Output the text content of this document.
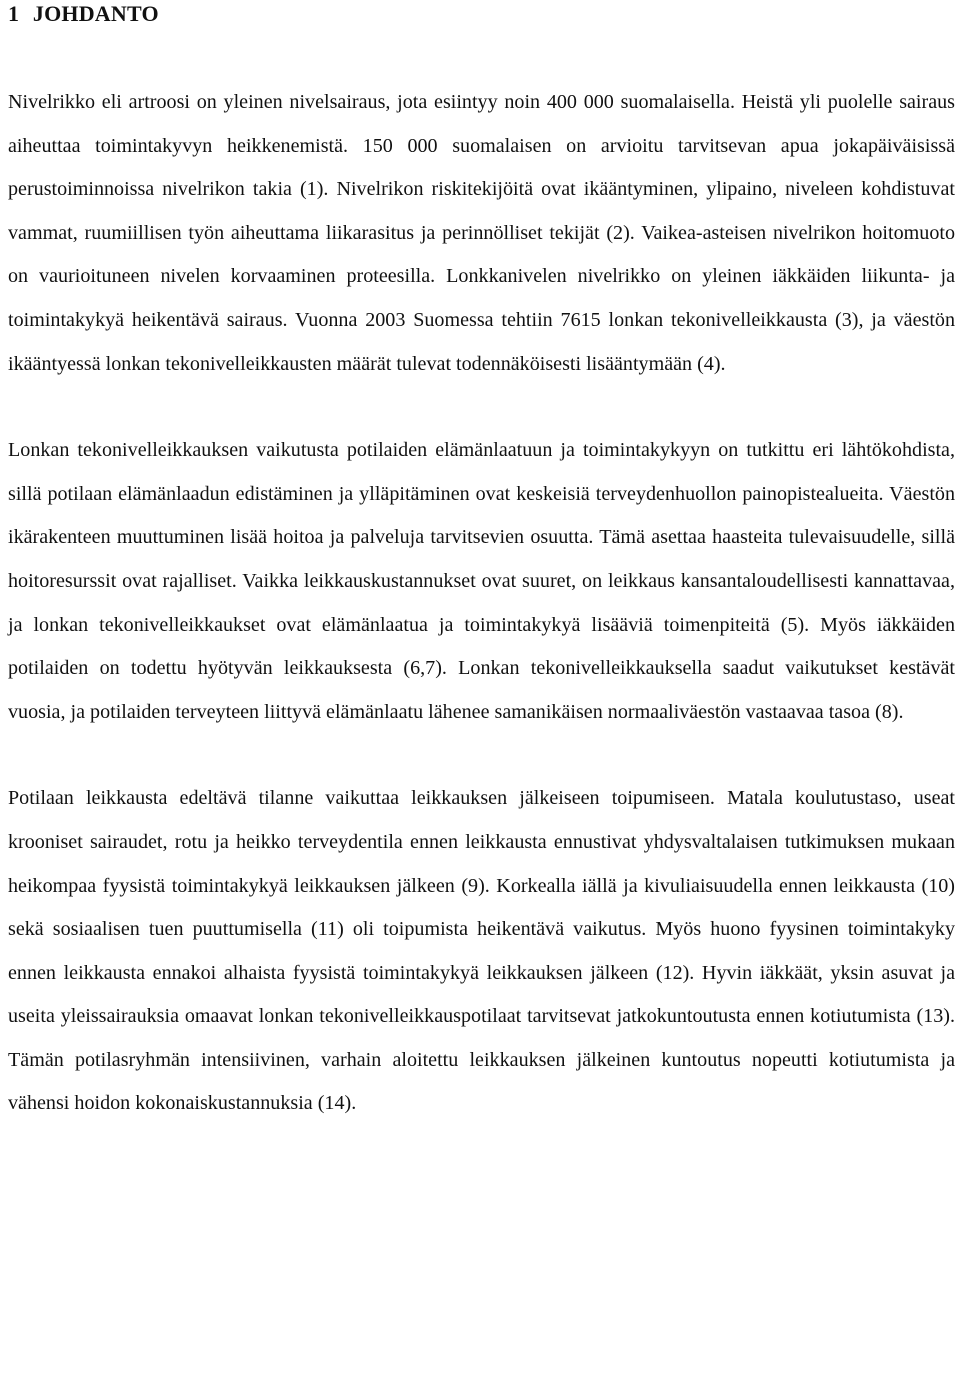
1 JOHDANTO

Nivelrikko eli artroosi on yleinen nivelsairaus, jota esiintyy noin 400 000 suomalaisella. Heistä yli puolelle sairaus aiheuttaa toimintakyvyn heikkenemistä. 150 000 suomalaisen on arvioitu tarvitsevan apua jokapäiväisissä perustoiminnoissa nivelrikon takia (1). Nivelrikon riskitekijöitä ovat ikääntyminen, ylipaino, niveleen kohdistuvat vammat, ruumiillisen työn aiheuttama liikarasitus ja perinnölliset tekijät (2). Vaikea-asteisen nivelrikon hoitomuoto on vaurioituneen nivelen korvaaminen proteesilla. Lonkkanivelen nivelrikko on yleinen iäkkäiden liikunta- ja toimintakykyä heikentävä sairaus. Vuonna 2003 Suomessa tehtiin 7615 lonkan tekonivelleikkausta (3), ja väestön ikääntyessä lonkan tekonivelleikkausten määrät tulevat todennäköisesti lisääntymään (4).

Lonkan tekonivelleikkauksen vaikutusta potilaiden elämänlaatuun ja toimintakykyyn on tutkittu eri lähtökohdista, sillä potilaan elämänlaadun edistäminen ja ylläpitäminen ovat keskeisiä terveydenhuollon painopistealueita. Väestön ikärakenteen muuttuminen lisää hoitoa ja palveluja tarvitsevien osuutta. Tämä asettaa haasteita tulevaisuudelle, sillä hoitoresurssit ovat rajalliset. Vaikka leikkauskustannukset ovat suuret, on leikkaus kansantaloudellisesti kannattavaa, ja lonkan tekonivelleikkaukset ovat elämänlaatua ja toimintakykyä lisääviä toimenpiteitä (5). Myös iäkkäiden potilaiden on todettu hyötyvän leikkauksesta (6,7). Lonkan tekonivelleikkauksella saadut vaikutukset kestävät vuosia, ja potilaiden terveyteen liittyvä elämänlaatu lähenee samanikäisen normaaliväestön vastaavaa tasoa (8).

Potilaan leikkausta edeltävä tilanne vaikuttaa leikkauksen jälkeiseen toipumiseen. Matala koulutustaso, useat krooniset sairaudet, rotu ja heikko terveydentila ennen leikkausta ennustivat yhdysvaltalaisen tutkimuksen mukaan heikompaa fyysistä toimintakykyä leikkauksen jälkeen (9). Korkealla iällä ja kivuliaisuudella ennen leikkausta (10) sekä sosiaalisen tuen puuttumisella (11) oli toipumista heikentävä vaikutus. Myös huono fyysinen toimintakyky ennen leikkausta ennakoi alhaista fyysistä toimintakykyä leikkauksen jälkeen (12). Hyvin iäkkäät, yksin asuvat ja useita yleissairauksia omaavat lonkan tekonivelleikkauspotilaat tarvitsevat jatkokuntoutusta ennen kotiutumista (13). Tämän potilasryhmän intensiivinen, varhain aloitettu leikkauksen jälkeinen kuntoutus nopeutti kotiutumista ja vähensi hoidon kokonaiskustannuksia (14).
